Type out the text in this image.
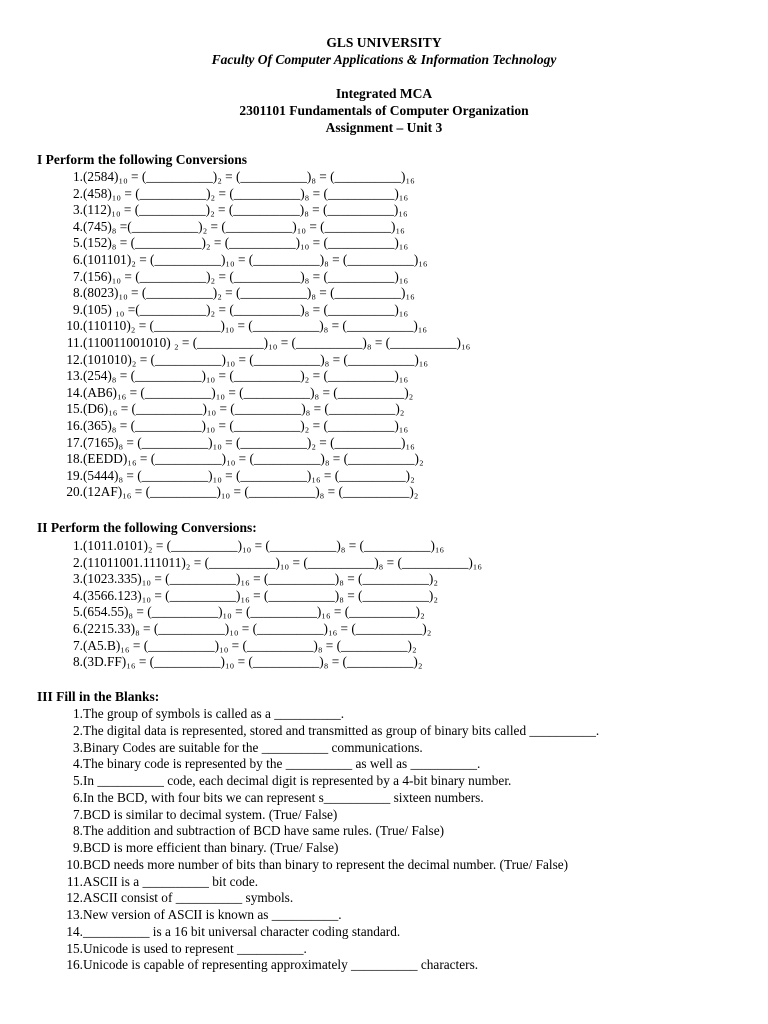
GLS UNIVERSITY
Faculty Of Computer Applications & Information Technology
Integrated MCA
2301101 Fundamentals of Computer Organization
Assignment – Unit 3
I Perform the following Conversions
1. (2584)₁₀ = (__________)₂ = (__________)₈ = (__________)₁₆
2. (458)₁₀ = (__________)₂ = (__________)₈ = (__________)₁₆
3. (112)₁₀ = (__________)₂ = (__________)₈ = (__________)₁₆
4. (745)₈ =(__________)₂ = (__________)₁₀ = (__________)₁₆
5. (152)₈ = (__________)₂ = (__________)₁₀ = (__________)₁₆
6. (101101)₂ = (__________)₁₀ = (__________)₈ = (__________)₁₆
7. (156)₁₀ = (__________)₂ = (__________)₈ = (__________)₁₆
8. (8023)₁₀ = (__________)₂ = (__________)₈ = (__________)₁₆
9. (105) ₁₀ =(__________)₂ = (__________)₈ = (__________)₁₆
10. (110110)₂ = (__________)₁₀ = (__________)₈ = (__________)₁₆
11. (110011001010) ₂ = (__________)₁₀ = (__________)₈ = (__________)₁₆
12. (101010)₂ = (__________)₁₀ = (__________)₈ = (__________)₁₆
13. (254)₈ = (__________)₁₀ = (__________)₂ = (__________)₁₆
14. (AB6)₁₆ = (__________)₁₀ = (__________)₈ = (__________)₂
15. (D6)₁₆ = (__________)₁₀ = (__________)₈ = (__________)₂
16. (365)₈ = (__________)₁₀ = (__________)₂ = (__________)₁₆
17. (7165)₈ = (__________)₁₀ = (__________)₂ = (__________)₁₆
18. (EEDD)₁₆ = (__________)₁₀ = (__________)₈ = (__________)₂
19. (5444)₈ = (__________)₁₀ = (__________)₁₆ = (__________)₂
20. (12AF)₁₆ = (__________)₁₀ = (__________)₈ = (__________)₂
II Perform the following Conversions:
1. (1011.0101)₂ = (__________)₁₀ = (__________)₈ = (__________)₁₆
2. (11011001.111011)₂ = (__________)₁₀ = (__________)₈ = (__________)₁₆
3. (1023.335)₁₀ = (__________)₁₆ = (__________)₈ = (__________)₂
4. (3566.123)₁₀ = (__________)₁₆ = (__________)₈ = (__________)₂
5. (654.55)₈ = (__________)₁₀ = (__________)₁₆ = (__________)₂
6. (2215.33)₈ = (__________)₁₀ = (__________)₁₆ = (__________)₂
7. (A5.B)₁₆ = (__________)₁₀ = (__________)₈ = (__________)₂
8. (3D.FF)₁₆ = (__________)₁₀ = (__________)₈ = (__________)₂
III Fill in the Blanks:
1. The group of symbols is called as a __________.
2. The digital data is represented, stored and transmitted as group of binary bits called __________.
3. Binary Codes are suitable for the __________ communications.
4. The binary code is represented by the __________ as well as __________.
5. In __________ code, each decimal digit is represented by a 4-bit binary number.
6. In the BCD, with four bits we can represent s__________ sixteen numbers.
7. BCD is similar to decimal system. (True/ False)
8. The addition and subtraction of BCD have same rules. (True/ False)
9. BCD is more efficient than binary. (True/ False)
10. BCD needs more number of bits than binary to represent the decimal number. (True/ False)
11. ASCII is a __________ bit code.
12. ASCII consist of __________ symbols.
13. New version of ASCII is known as __________.
14. __________ is a 16 bit universal character coding standard.
15. Unicode is used to represent __________.
16. Unicode is capable of representing approximately __________ characters.
